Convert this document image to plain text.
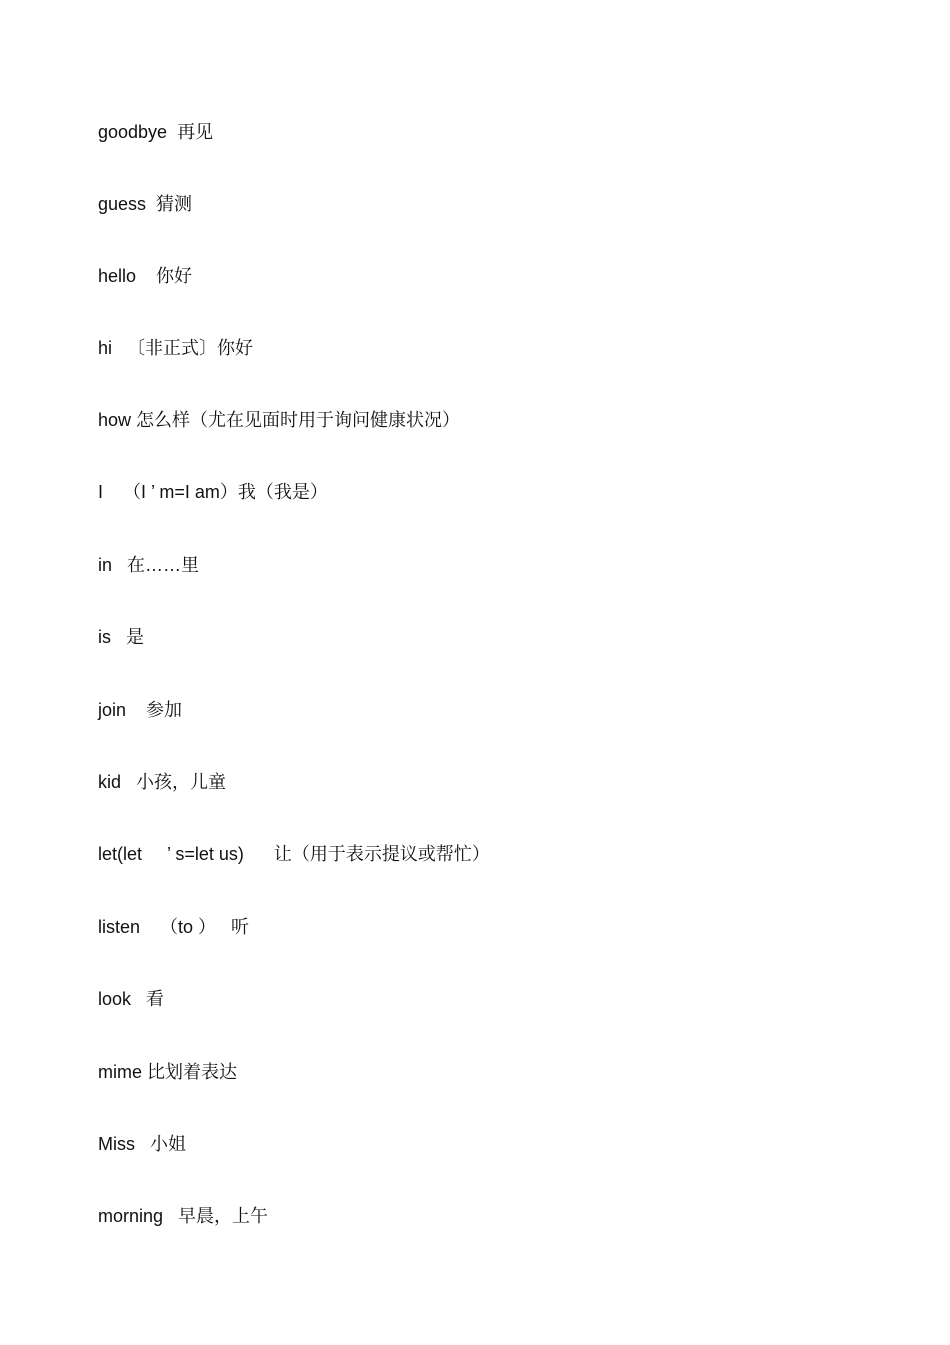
goodbye  再见
guess  猜测
hello    你好
hi   〔非正式〕你好
how 怎么样（尤在见面时用于询问健康状况）
I    （I ’ m=I am）我（我是）
in   在……里
is   是
join    参加
kid   小孩，儿童
let(let     ’ s=let us)      让（用于表示提议或帮忙）
listen    （to ）   听
look   看
mime 比划着表达
Miss   小姐
morning   早晨，上午
